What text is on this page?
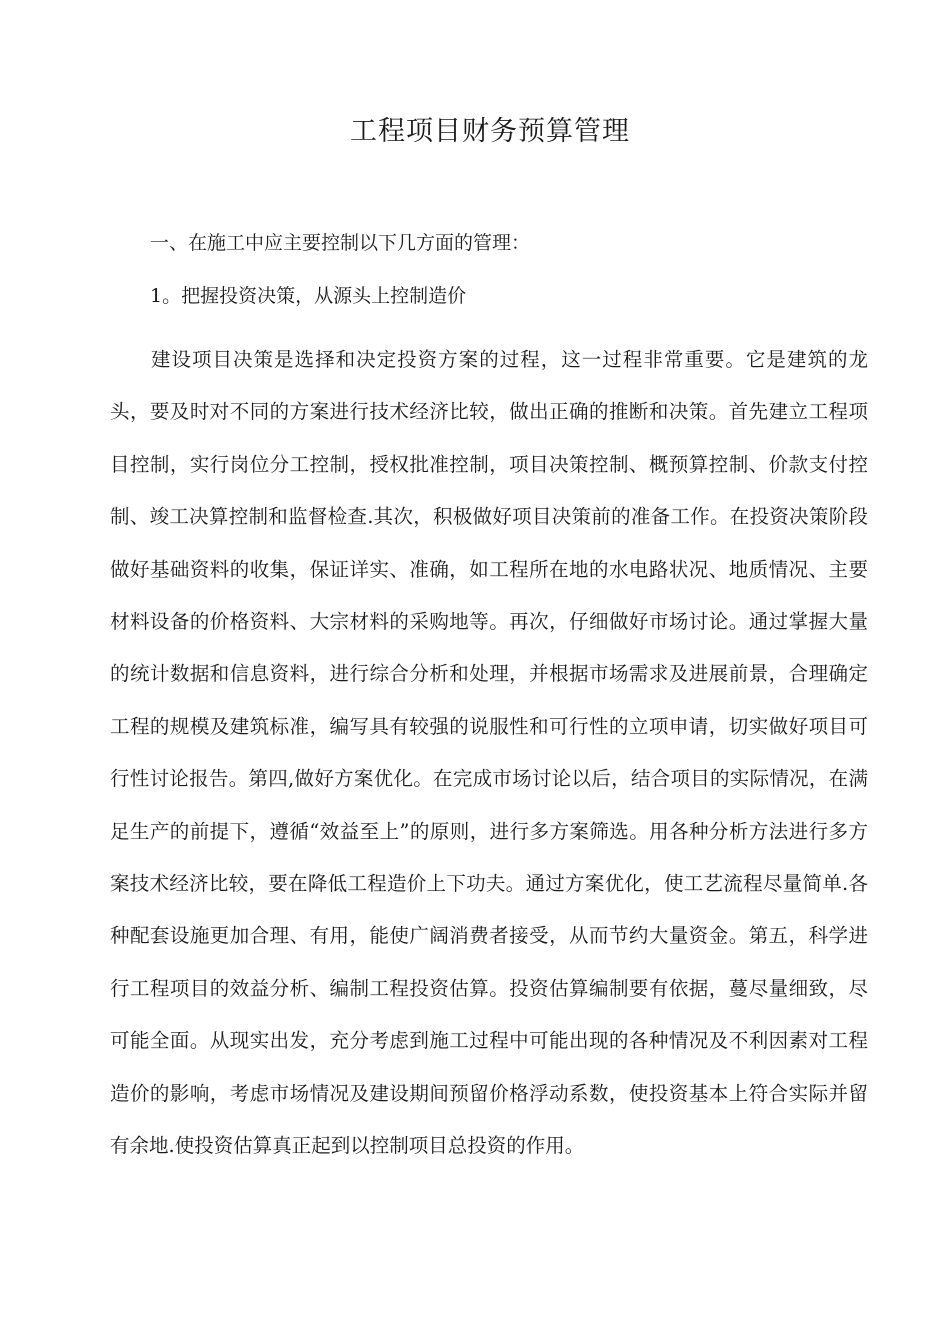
工程项目财务预算管理
一、在施工中应主要控制以下几方面的管理：
1。把握投资决策，从源头上控制造价

建设项目决策是选择和决定投资方案的过程，这一过程非常重要。它是建筑的龙头，要及时对不同的方案进行技术经济比较，做出正确的推断和决策。首先建立工程项目控制，实行岗位分工控制，授权批准控制，项目决策控制、概预算控制、价款支付控制、竣工决算控制和监督检查.其次，积极做好项目决策前的准备工作。在投资决策阶段做好基础资料的收集，保证详实、准确，如工程所在地的水电路状况、地质情况、主要材料设备的价格资料、大宗材料的采购地等。再次，仔细做好市场讨论。通过掌握大量的统计数据和信息资料，进行综合分析和处理，并根据市场需求及进展前景，合理确定工程的规模及建筑标准，编写具有较强的说服性和可行性的立项申请，切实做好项目可行性讨论报告。第四,做好方案优化。在完成市场讨论以后，结合项目的实际情况，在满足生产的前提下，遵循“效益至上”的原则，进行多方案筛选。用各种分析方法进行多方案技术经济比较，要在降低工程造价上下功夫。通过方案优化，使工艺流程尽量简单.各种配套设施更加合理、有用，能使广阔消费者接受，从而节约大量资金。第五，科学进行工程项目的效益分析、编制工程投资估算。投资估算编制要有依据，蔓尽量细致，尽可能全面。从现实出发，充分考虑到施工过程中可能出现的各种情况及不利因素对工程造价的影响，考虑市场情况及建设期间预留价格浮动系数，使投资基本上符合实际并留有余地.使投资估算真正起到以控制项目总投资的作用。
